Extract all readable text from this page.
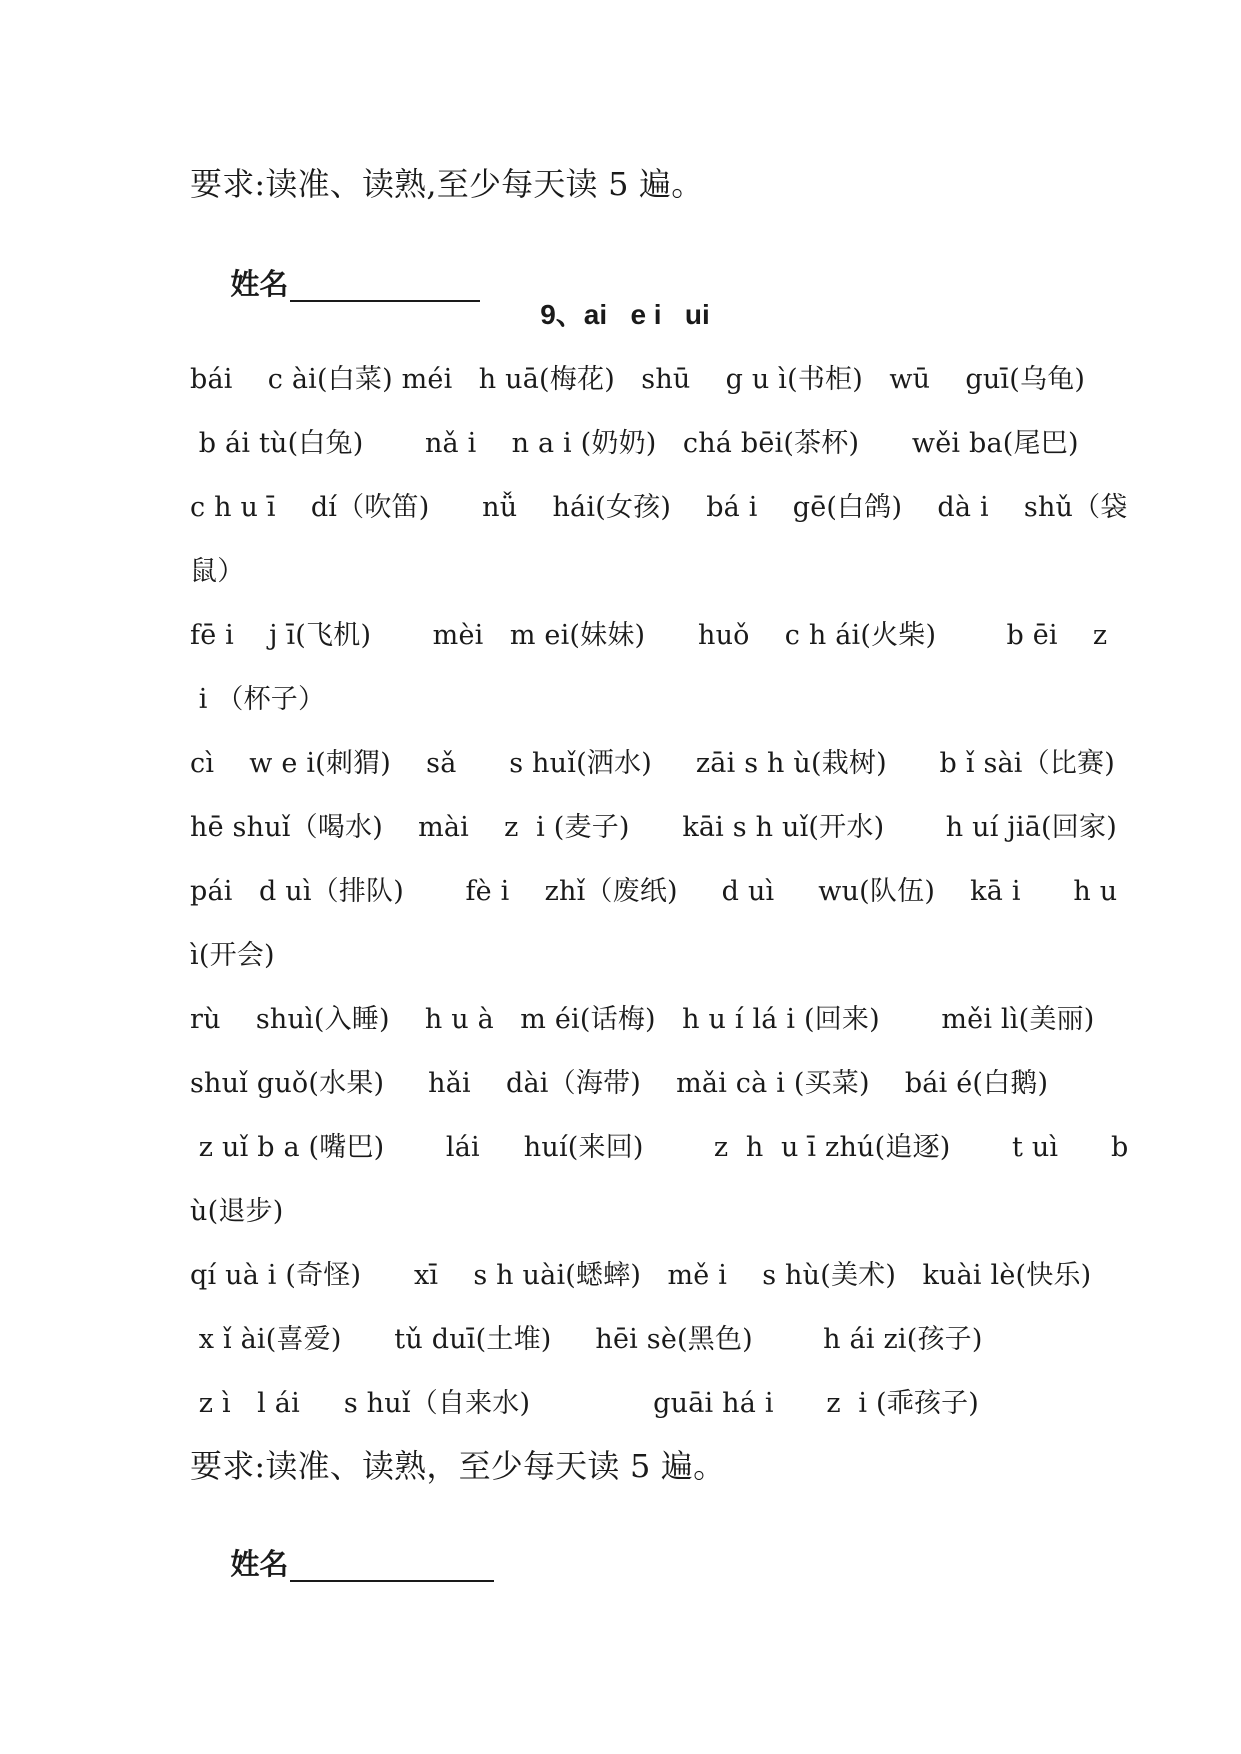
要求:读准、读熟,至少每天读 5 遍。

姓名

9、ai   e i   ui
bái    c ài(白菜) méi   h uā(梅花)   shū    g u ì(书柜)   wū    guī(乌龟)
b ái tù(白兔)       nǎ i    n a i (奶奶)   chá bēi(茶杯)      wěi ba(尾巴)
c h u ī    dí（吹笛)      nǚ    hái(女孩)    bá i    gē(白鸽)    dà i    shǔ（袋
鼠）
fē i    j ī(飞机)       mèi   m ei(妹妹)      huǒ    c h ái(火柴)        b ēi    z
i （杯子）
cì    w e i(刺猬)    sǎ      s huǐ(洒水)     zāi s h ù(栽树)      b ǐ sài（比赛)
hē shuǐ（喝水)    mài    z  i (麦子)      kāi s h uǐ(开水)       h uí jiā(回家)
pái   d uì（排队)       fè i    zhǐ（废纸)     d uì     wu(队伍)    kā i      h u
ì(开会)
rù    shuì(入睡)    h u à   m éi(话梅)   h u í lá i (回来)       měi lì(美丽)
shuǐ guǒ(水果)     hǎi    dài（海带)    mǎi cà i (买菜)    bái é(白鹅)
z uǐ b a (嘴巴)       lái     huí(来回)        z  h  u ī zhú(追逐)       t uì      b
ù(退步)
qí uà i (奇怪)      xī    s h uài(蟋蟀)   mě i    s hù(美术)   kuài lè(快乐)
x ǐ ài(喜爱)      tǔ duī(土堆)     hēi sè(黑色)        h ái zi(孩子)
z ì   l ái     s huǐ（自来水)              guāi há i      z  i (乖孩子)
要求:读准、读熟，至少每天读 5 遍。

姓名
